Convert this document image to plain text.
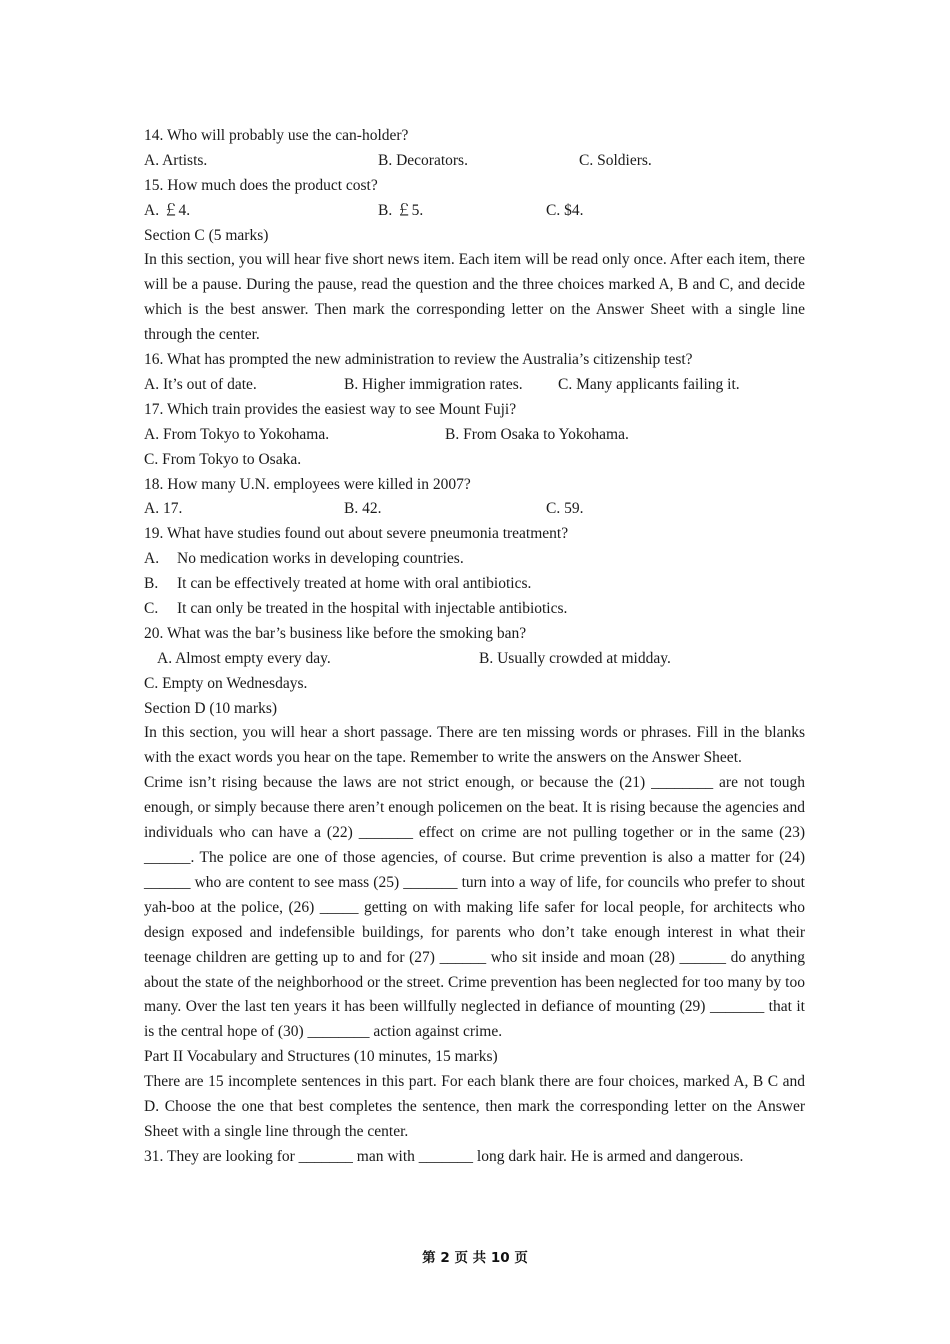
14. Who will probably use the can-holder?
A. Artists.	B. Decorators.	C. Soldiers.
15. How much does the product cost?
A. ￡4.	B. ￡5.	C. $4.
Section C (5 marks)
In this section, you will hear five short news item. Each item will be read only once. After each item, there will be a pause. During the pause, read the question and the three choices marked A, B and C, and decide which is the best answer. Then mark the corresponding letter on the Answer Sheet with a single line through the center.
16. What has prompted the new administration to review the Australia’s citizenship test?
A. It’s out of date.	B. Higher immigration rates. C. Many applicants failing it.
17. Which train provides the easiest way to see Mount Fuji?
A. From Tokyo to Yokohama.	B. From Osaka to Yokohama.
C. From Tokyo to Osaka.
18. How many U.N. employees were killed in 2007?
A. 17.	B. 42.	C. 59.
19. What have studies found out about severe pneumonia treatment?
A.	No medication works in developing countries.
B.	It can be effectively treated at home with oral antibiotics.
C.	It can only be treated in the hospital with injectable antibiotics.
20. What was the bar’s business like before the smoking ban?
A. Almost empty every day.	B. Usually crowded at midday.
C. Empty on Wednesdays.
Section D (10 marks)
In this section, you will hear a short passage. There are ten missing words or phrases. Fill in the blanks with the exact words you hear on the tape. Remember to write the answers on the Answer Sheet.
Crime isn’t rising because the laws are not strict enough, or because the (21) ________ are not tough enough, or simply because there aren’t enough policemen on the beat. It is rising because the agencies and individuals who can have a (22) _______ effect on crime are not pulling together or in the same (23) ______. The police are one of those agencies, of course. But crime prevention is also a matter for (24) ______ who are content to see mass (25) _______ turn into a way of life, for councils who prefer to shout yah-boo at the police, (26) _____ getting on with making life safer for local people, for architects who design exposed and indefensible buildings, for parents who don’t take enough interest in what their teenage children are getting up to and for (27) ______ who sit inside and moan (28) ______ do anything about the state of the neighborhood or the street. Crime prevention has been neglected for too many by too many. Over the last ten years it has been willfully neglected in defiance of mounting (29) _______ that it is the central hope of (30) ________ action against crime.
Part II Vocabulary and Structures (10 minutes, 15 marks)
There are 15 incomplete sentences in this part. For each blank there are four choices, marked A, B C and D. Choose the one that best completes the sentence, then mark the corresponding letter on the Answer Sheet with a single line through the center.
31. They are looking for _______ man with _______ long dark hair. He is armed and dangerous.
第 2 页 共 10 页
